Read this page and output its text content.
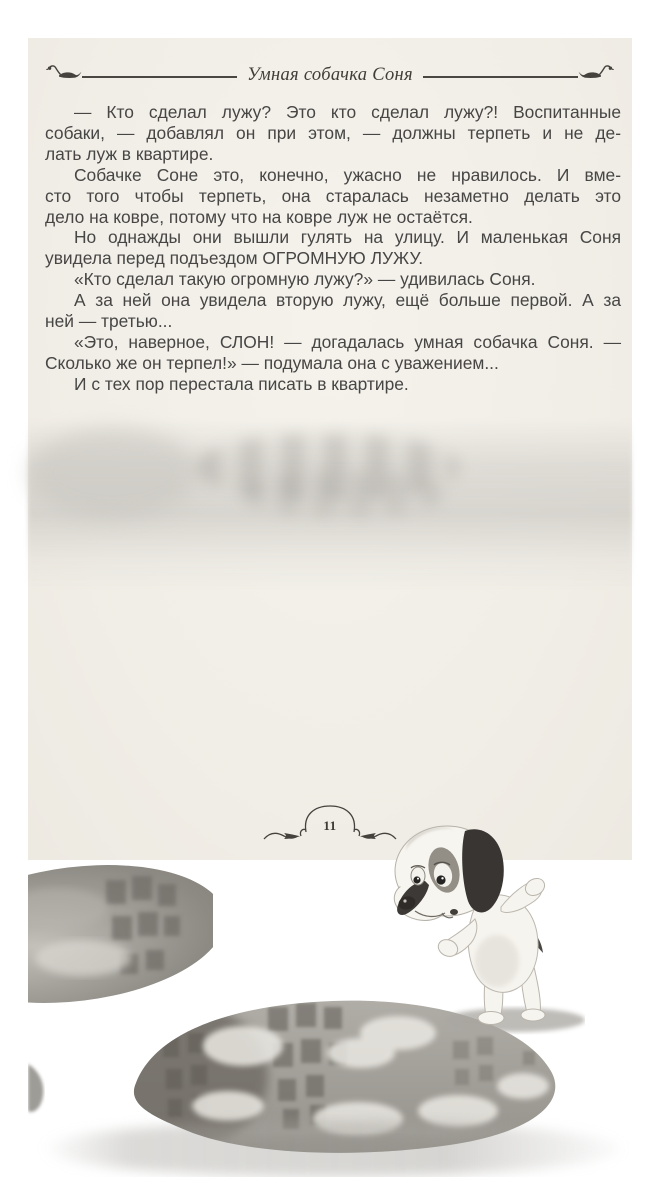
Умная собачка Соня
— Кто сделал лужу? Это кто сделал лужу?! Воспитанные
собаки, — добавлял он при этом, — должны терпеть и не де-
лать луж в квартире.
Собачке Соне это, конечно, ужасно не нравилось. И вме-
сто того чтобы терпеть, она старалась незаметно делать это
дело на ковре, потому что на ковре луж не остаётся.
Но однажды они вышли гулять на улицу. И маленькая Соня
увидела перед подъездом ОГРОМНУЮ ЛУЖУ.
«Кто сделал такую огромную лужу?» — удивилась Соня.
А за ней она увидела вторую лужу, ещё больше первой. А за
ней — третью...
«Это, наверное, СЛОН! — догадалась умная собачка Соня. —
Сколько же он терпел!» — подумала она с уважением...
И с тех пор перестала писать в квартире.
11
